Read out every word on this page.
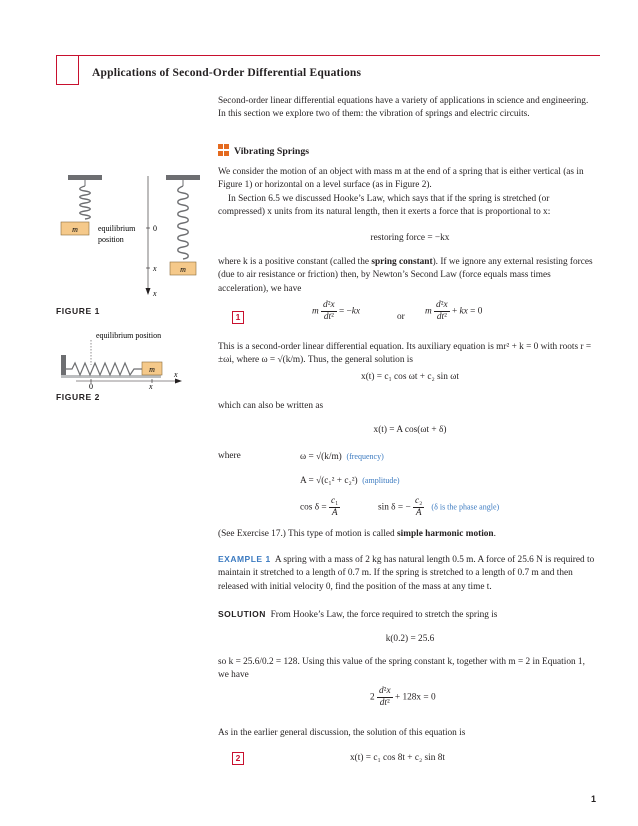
Applications of Second-Order Differential Equations
Second-order linear differential equations have a variety of applications in science and engineering. In this section we explore two of them: the vibration of springs and electric circuits.

Vibrating Springs
We consider the motion of an object with mass m at the end of a spring that is either vertical (as in Figure 1) or horizontal on a level surface (as in Figure 2).
In Section 6.5 we discussed Hooke’s Law, which says that if the spring is stretched (or compressed) x units from its natural length, then it exerts a force that is proportional to x:
restoring force = −kx
where k is a positive constant (called the spring constant). If we ignore any external resisting forces (due to air resistance or friction) then, by Newton’s Second Law (force equals mass times acceleration), we have
1
m $\frac{\text{d²x}}{\text{dt²}} = -kx$
or
m $\frac{\text{d²x}}{\text{dt²}}$ + kx = 0
This is a second-order linear differential equation. Its auxiliary equation is mr² + k = 0 with roots r = ±ωi, where ω = √(k/m). Thus, the general solution is
x(t) = c₁ cos ωt + c₂ sin ωt
which can also be written as
x(t) = A cos(ωt + δ)
where	ω = √(k/m) (frequency)
A = √(c₁² + c₂²) (amplitude)
$\cos \delta = \frac{\text{c₁}}{A}$	sin δ = − $\frac{\text{c₂}}{A} (\delta$ is the phase angle)
(See Exercise 17.) This type of motion is called simple harmonic motion.
EXAMPLE 1 A spring with a mass of 2 kg has natural length 0.5 m. A force of 25.6 N is required to maintain it stretched to a length of 0.7 m. If the spring is stretched to a length of 0.7 m and then released with initial velocity 0, find the position of the mass at any time t.
SOLUTION From Hooke’s Law, the force required to stretch the spring is
k(0.2) = 25.6
so k = 25.6/0.2 = 128. Using this value of the spring constant k, together with m = 2 in Equation 1, we have
$2 \frac{\text{d²x}}{\text{dt²}} + 128x = 0$
As in the earlier general discussion, the solution of this equation is
2	x(t) = c₁ cos 8t + c₂ sin 8t
m	equilibrium
position
0
x
x
m
FIGURE 1
equilibrium position
m
0	x
x
FIGURE 2
1
